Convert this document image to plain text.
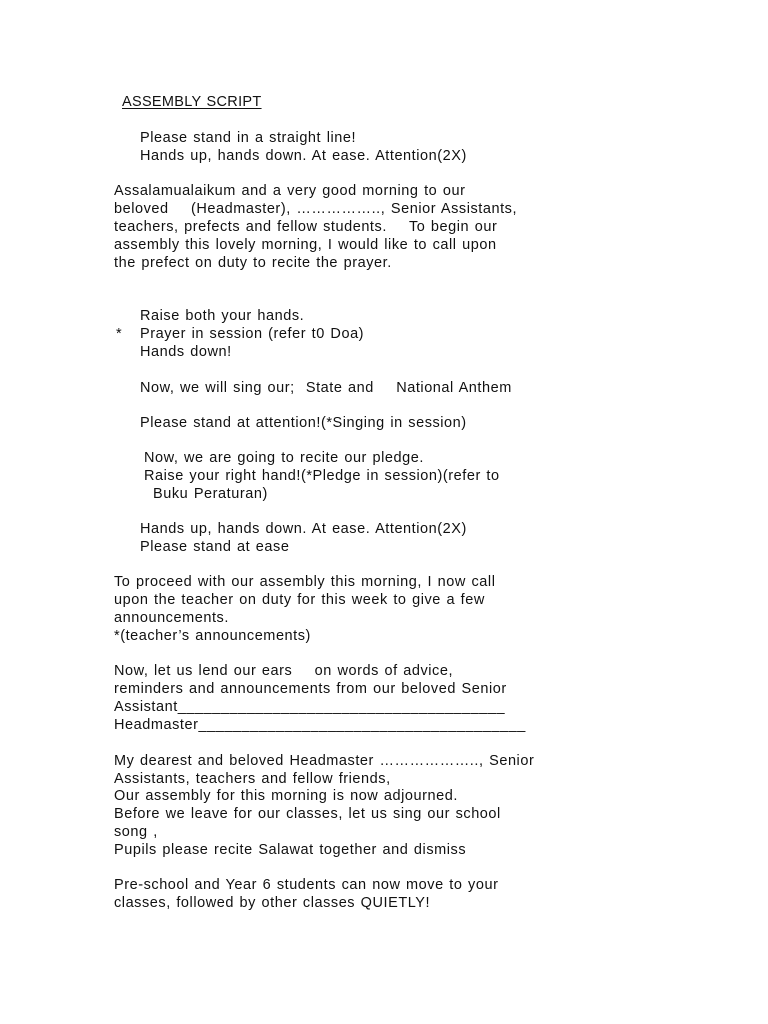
ASSEMBLY SCRIPT
Please stand in a straight line!
Hands up, hands down. At ease. Attention(2X)
Assalamualaikum and a very good morning to our
beloved    (Headmaster), …………….., Senior Assistants,
teachers, prefects and fellow students.    To begin our
assembly this lovely morning, I would like to call upon
the prefect on duty to recite the prayer.
Raise both your hands.
* Prayer in session (refer t0 Doa)
Hands down!
Now, we will sing our;  State and    National Anthem
Please stand at attention!(*Singing in session)
Now, we are going to recite our pledge.
Raise your right hand!(*Pledge in session)(refer to
Buku Peraturan)
Hands up, hands down. At ease. Attention(2X)
Please stand at ease
To proceed with our assembly this morning, I now call
upon the teacher on duty for this week to give a few
announcements.
*(teacher’s announcements)
Now, let us lend our ears    on words of advice,
reminders and announcements from our beloved Senior
Assistant______________________________________
Headmaster______________________________________
My dearest and beloved Headmaster ……………….., Senior
Assistants, teachers and fellow friends,
Our assembly for this morning is now adjourned.
Before we leave for our classes, let us sing our school
song ,
Pupils please recite Salawat together and dismiss
Pre-school and Year 6 students can now move to your
classes, followed by other classes QUIETLY!
